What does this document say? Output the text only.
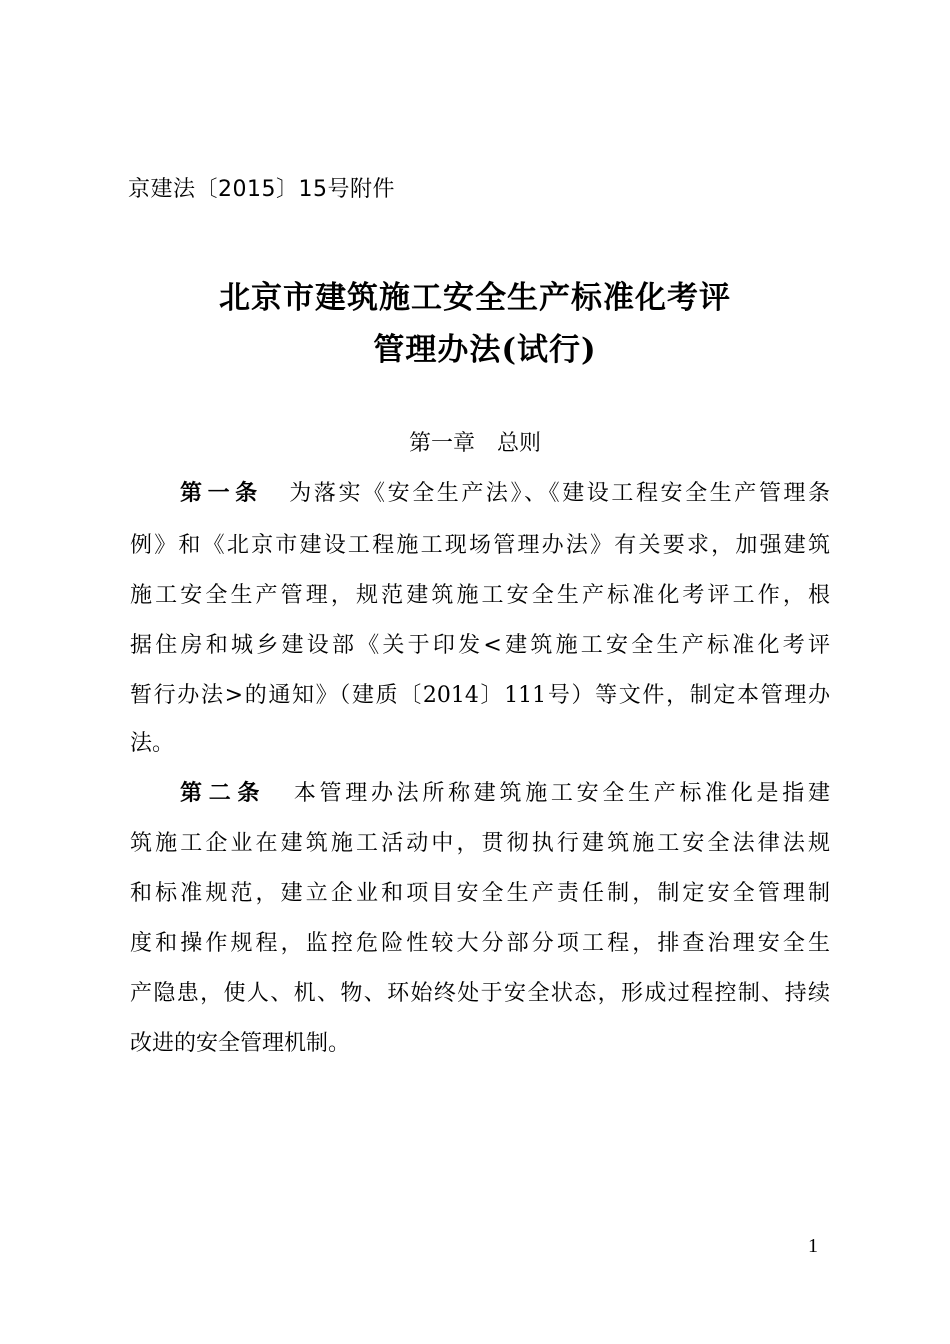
京建法〔2015〕15号附件
北京市建筑施工安全生产标准化考评
管理办法(试行)
第一章　总则
第一条 为落实《安全生产法》、《建设工程安全生产管理条
例》和《北京市建设工程施工现场管理办法》有关要求，加强建筑
施工安全生产管理，规范建筑施工安全生产标准化考评工作，根
据住房和城乡建设部《关于印发<建筑施工安全生产标准化考评
暂行办法>的通知》（建质〔2014〕111号）等文件，制定本管理办
法。
第二条 本管理办法所称建筑施工安全生产标准化是指建
筑施工企业在建筑施工活动中，贯彻执行建筑施工安全法律法规
和标准规范，建立企业和项目安全生产责任制，制定安全管理制
度和操作规程，监控危险性较大分部分项工程，排查治理安全生
产隐患，使人、机、物、环始终处于安全状态，形成过程控制、持续
改进的安全管理机制。
1
